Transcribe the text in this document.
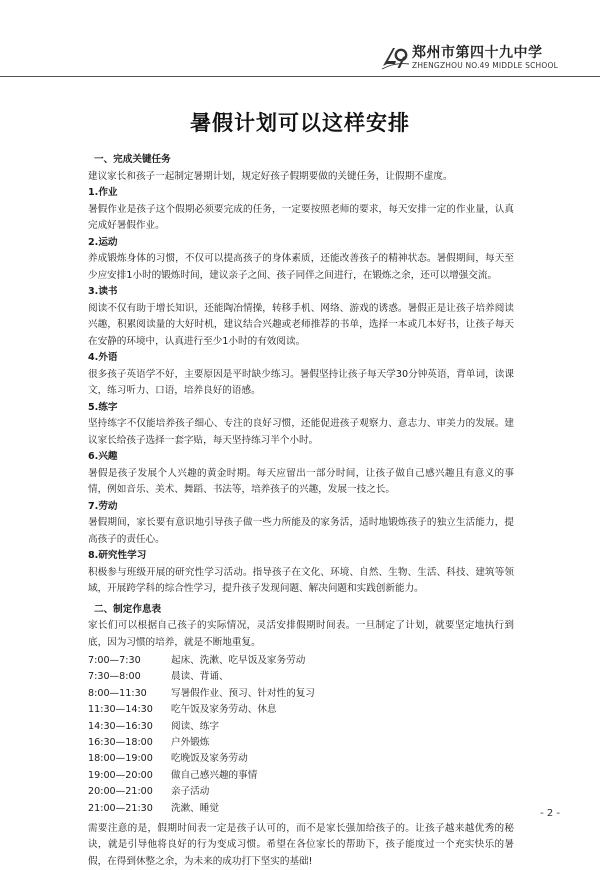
郑州市第四十九中学
ZHENGZHOU NO.49 MIDDLE SCHOOL
暑假计划可以这样安排

一、完成关键任务

建议家长和孩子一起制定暑期计划，规定好孩子假期要做的关键任务，让假期不虚度。

1.作业

暑假作业是孩子这个假期必须要完成的任务，一定要按照老师的要求，每天安排一定的作业量，认真完成好暑假作业。

2.运动

养成锻炼身体的习惯，不仅可以提高孩子的身体素质，还能改善孩子的精神状态。暑假期间，每天至少应安排1小时的锻炼时间，建议亲子之间、孩子同伴之间进行，在锻炼之余，还可以增强交流。

3.读书

阅读不仅有助于增长知识，还能陶冶情操，转移手机、网络、游戏的诱惑。暑假正是让孩子培养阅读兴趣，积累阅读量的大好时机，建议结合兴趣或老师推荐的书单，选择一本或几本好书，让孩子每天在安静的环境中，认真进行至少1小时的有效阅读。

4.外语

很多孩子英语学不好，主要原因是平时缺少练习。暑假坚持让孩子每天学30分钟英语，背单词，读课文，练习听力、口语，培养良好的语感。

5.练字

坚持练字不仅能培养孩子细心、专注的良好习惯，还能促进孩子观察力、意志力、审美力的发展。建议家长给孩子选择一套字贴，每天坚持练习半个小时。

6.兴趣

暑假是孩子发展个人兴趣的黄金时期。每天应留出一部分时间，让孩子做自己感兴趣且有意义的事情，例如音乐、美术、舞蹈、书法等，培养孩子的兴趣，发展一技之长。

7.劳动

暑假期间，家长要有意识地引导孩子做一些力所能及的家务活，适时地锻炼孩子的独立生活能力，提高孩子的责任心。

8.研究性学习

积极参与班级开展的研究性学习活动。指导孩子在文化、环境、自然、生物、生活、科技、建筑等领域，开展跨学科的综合性学习，提升孩子发现问题、解决问题和实践创新能力。

二、制定作息表

家长们可以根据自己孩子的实际情况，灵活安排假期时间表。一旦制定了计划，就要坚定地执行到底，因为习惯的培养，就是不断地重复。

7:00—7:30	起床、洗漱、吃早饭及家务劳动
7:30—8:00	晨读、背诵、
8:00—11:30	写暑假作业、预习、针对性的复习
11:30—14:30	吃午饭及家务劳动、休息
14:30—16:30	阅读、练字
16:30—18:00	户外锻炼
18:00—19:00	吃晚饭及家务劳动
19:00—20:00	做自己感兴趣的事情
20:00—21:00	亲子活动
21:00—21:30	洗漱、睡觉

需要注意的是，假期时间表一定是孩子认可的，而不是家长强加给孩子的。让孩子越来越优秀的秘诀，就是引导他将良好的行为变成习惯。希望在各位家长的帮助下，孩子能度过一个充实快乐的暑假，在得到休整之余，为未来的成功打下坚实的基础!

- 2 -
